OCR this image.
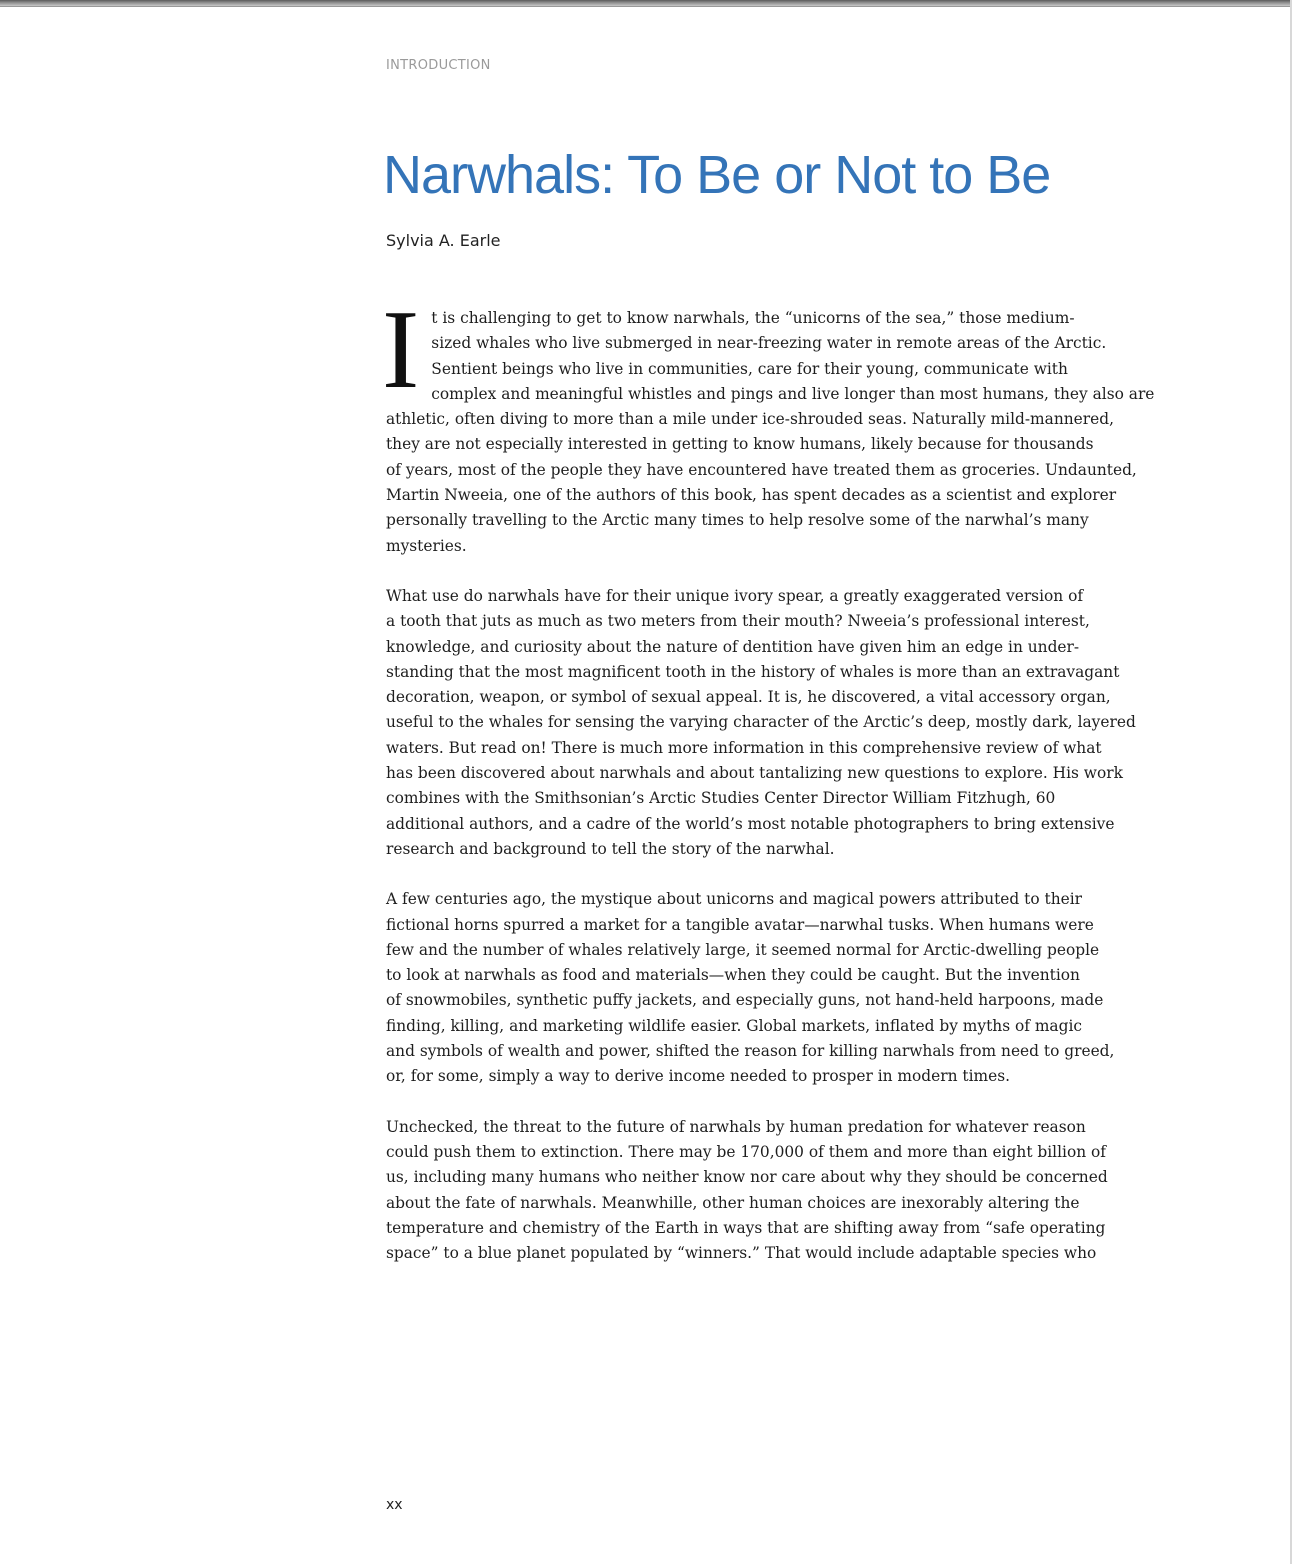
INTRODUCTION
Narwhals: To Be or Not to Be
Sylvia A. Earle

I t is challenging to get to know narwhals, the “unicorns of the sea,” those medium-
sized whales who live submerged in near-freezing water in remote areas of the Arctic.
Sentient beings who live in communities, care for their young, communicate with
complex and meaningful whistles and pings and live longer than most humans, they also are
athletic, often diving to more than a mile under ice-shrouded seas. Naturally mild-mannered,
they are not especially interested in getting to know humans, likely because for thousands
of years, most of the people they have encountered have treated them as groceries. Undaunted,
Martin Nweeia, one of the authors of this book, has spent decades as a scientist and explorer
personally travelling to the Arctic many times to help resolve some of the narwhal’s many
mysteries.

What use do narwhals have for their unique ivory spear, a greatly exaggerated version of
a tooth that juts as much as two meters from their mouth? Nweeia’s professional interest,
knowledge, and curiosity about the nature of dentition have given him an edge in under-
standing that the most magnificent tooth in the history of whales is more than an extravagant
decoration, weapon, or symbol of sexual appeal. It is, he discovered, a vital accessory organ,
useful to the whales for sensing the varying character of the Arctic’s deep, mostly dark, layered
waters. But read on! There is much more information in this comprehensive review of what
has been discovered about narwhals and about tantalizing new questions to explore. His work
combines with the Smithsonian’s Arctic Studies Center Director William Fitzhugh, 60
additional authors, and a cadre of the world’s most notable photographers to bring extensive
research and background to tell the story of the narwhal.

A few centuries ago, the mystique about unicorns and magical powers attributed to their
fictional horns spurred a market for a tangible avatar—narwhal tusks. When humans were
few and the number of whales relatively large, it seemed normal for Arctic-dwelling people
to look at narwhals as food and materials—when they could be caught. But the invention
of snowmobiles, synthetic puffy jackets, and especially guns, not hand-held harpoons, made
finding, killing, and marketing wildlife easier. Global markets, inflated by myths of magic
and symbols of wealth and power, shifted the reason for killing narwhals from need to greed,
or, for some, simply a way to derive income needed to prosper in modern times.

Unchecked, the threat to the future of narwhals by human predation for whatever reason
could push them to extinction. There may be 170,000 of them and more than eight billion of
us, including many humans who neither know nor care about why they should be concerned
about the fate of narwhals. Meanwhille, other human choices are inexorably altering the
temperature and chemistry of the Earth in ways that are shifting away from “safe operating
space” to a blue planet populated by “winners.” That would include adaptable species who

xx
